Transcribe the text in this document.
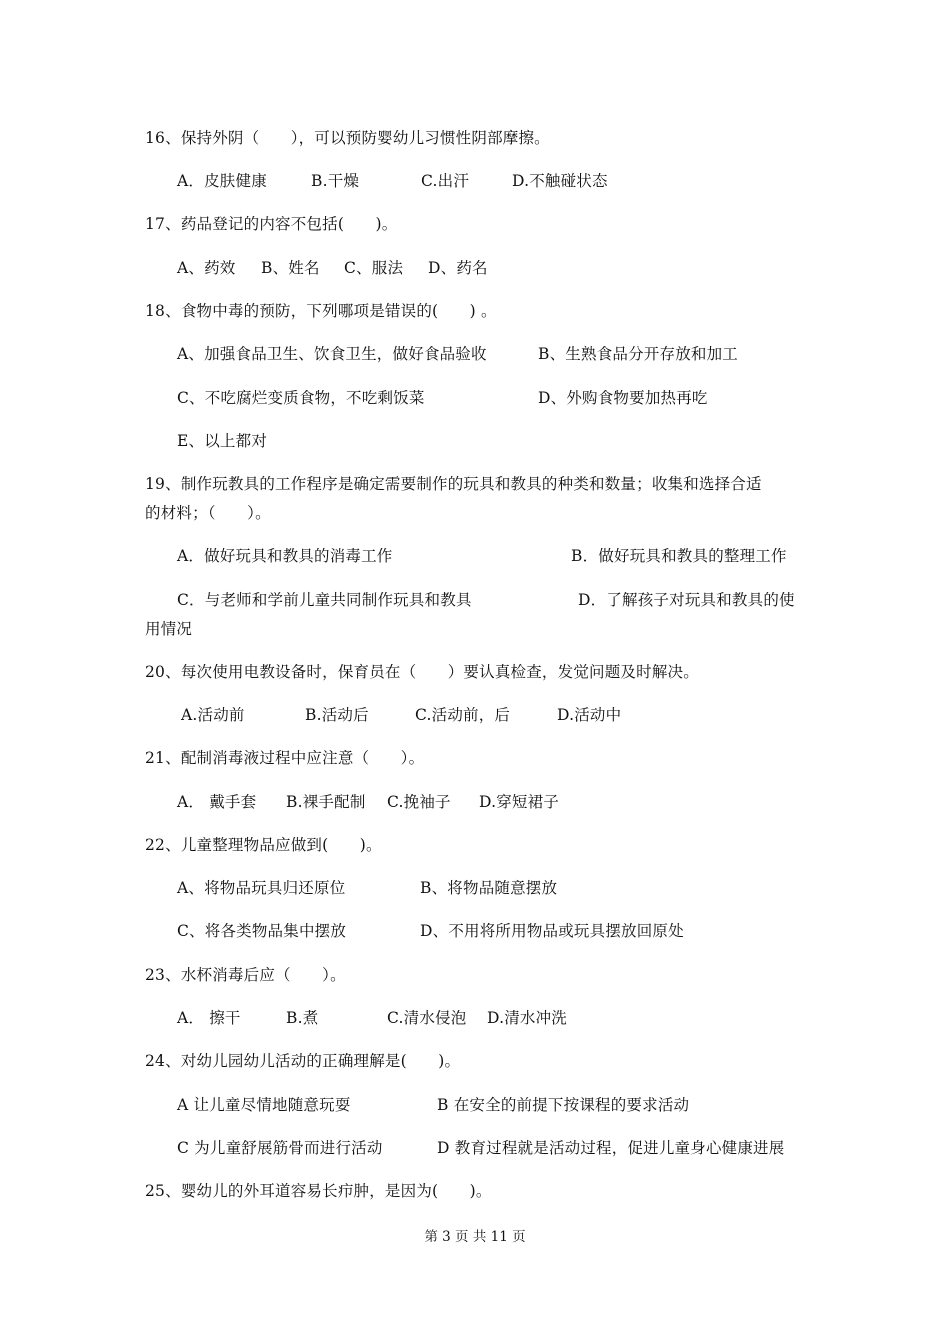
16、保持外阴（　　），可以预防婴幼儿习惯性阴部摩擦。
A．皮肤健康	B.干燥	C.出汗	D.不触碰状态
17、药品登记的内容不包括(　　)。
A、药效 B、姓名 C、服法 D、药名
18、食物中毒的预防，下列哪项是错误的(　　) 。
A、加强食品卫生、饮食卫生，做好食品验收	B、生熟食品分开存放和加工
C、不吃腐烂变质食物，不吃剩饭菜	D、外购食物要加热再吃
E、以上都对
19、制作玩教具的工作程序是确定需要制作的玩具和教具的种类和数量；收集和选择合适
的材料；（　　）。
A．做好玩具和教具的消毒工作	B．做好玩具和教具的整理工作
C．与老师和学前儿童共同制作玩具和教具	D．了解孩子对玩具和教具的使
用情况
20、每次使用电教设备时，保育员在（　　）要认真检查，发觉问题及时解决。
A.活动前	B.活动后	C.活动前，后	D.活动中
21、配制消毒液过程中应注意（　　）。
A． 戴手套 B.裸手配制 C.挽袖子 D.穿短裙子
22、儿童整理物品应做到(　　)。
A、将物品玩具归还原位	B、将物品随意摆放
C、将各类物品集中摆放	D、不用将所用物品或玩具摆放回原处
23、水杯消毒后应（　　）。
A． 擦干	B.煮	C.清水侵泡 D.清水冲洗
24、对幼儿园幼儿活动的正确理解是(　　)。
A 让儿童尽情地随意玩耍	B 在安全的前提下按课程的要求活动
C 为儿童舒展筋骨而进行活动	D 教育过程就是活动过程，促进儿童身心健康进展
25、婴幼儿的外耳道容易长疖肿，是因为(　　)。
第 3 页 共 11 页
